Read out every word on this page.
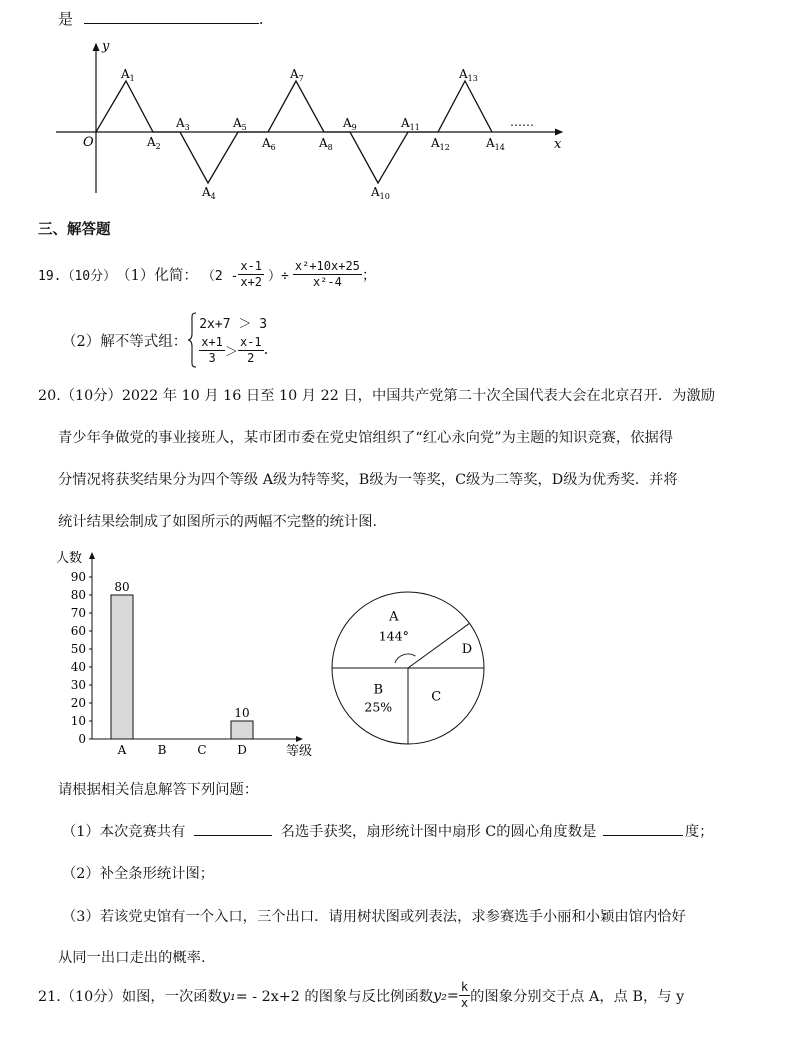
是	.
y
x
O
……
$A_1$
$A_2$
$A_3$
$A_4$
$A_5$
$A_6$
$A_7$
$A_8$
$A_9$
$A_{10}$
$A_{11}$
$A_{12}$
$A_{13}$
$A_{14}$
三、解答题
19.（10分） （1）化简： （$2 - \frac{x-1}{x+2}$ ）÷ $\frac{\text{x²+10x+25}}{\text{x²-4}}$ ；
（2）解不等式组：
2x+7 ＞ 3
$\frac{x+1}{3} > \frac{x-1}{2}$ .
20.（10分）2022 年 10 月 16 日至 10 月 22 日，中国共产党第二十次全国代表大会在北京召开．为激励
青少年争做党的事业接班人，某市团市委在党史馆组织了“红心永向党”为主题的知识竞赛，依据得
分情况将获奖结果分为四个等级 A级为特等奖，B级为一等奖，C级为二等奖，D级为优秀奖．并将
统计结果绘制成了如图所示的两幅不完整的统计图.
人数
等级
0
10
20
30
40
50
60
70
80
90
A
80
B	C	D
10
A
144°
B
25%
C
D
请根据相关信息解答下列问题：
（1）本次竞赛共有	名选手获奖，扇形统计图中扇形 C的圆心角度数是	度；
（2）补全条形统计图；
（3）若该党史馆有一个入口，三个出口．请用树状图或列表法，求参赛选手小丽和小颖由馆内恰好
从同一出口走出的概率.
21.（10分）如图，一次函数 y₁ = - 2x+2 的图象与反比例函数 $y_2 = \frac{k}{x}$ 的图象分别交于点 A，点 B，与 y
